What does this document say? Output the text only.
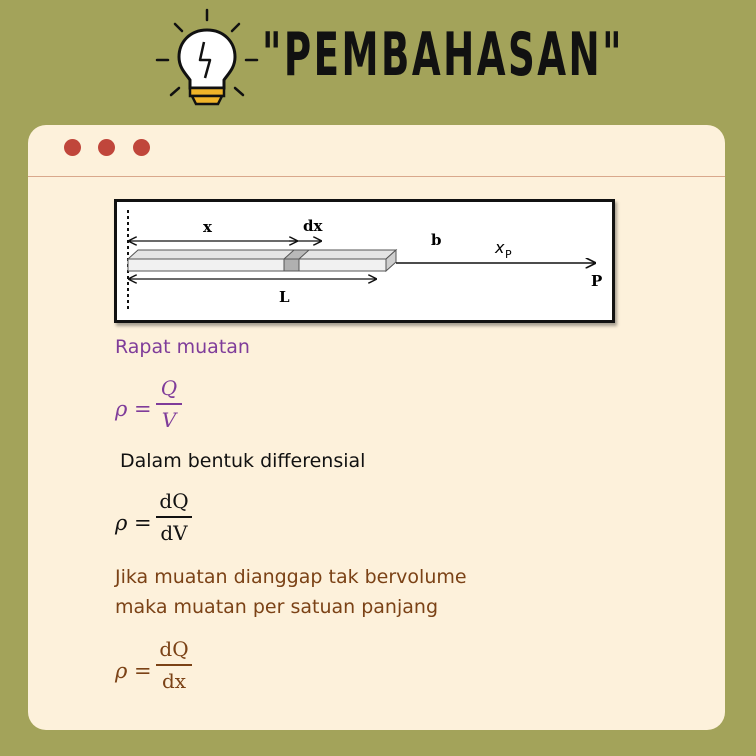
"PEMBAHASAN"
x	dx
b	x P
P
L
Rapat muatan
ρ =
Q
V
Dalam bentuk differensial
ρ =
dQ
dV
Jika muatan dianggap tak bervolume
maka muatan per satuan panjang
ρ =
dQ
dx
